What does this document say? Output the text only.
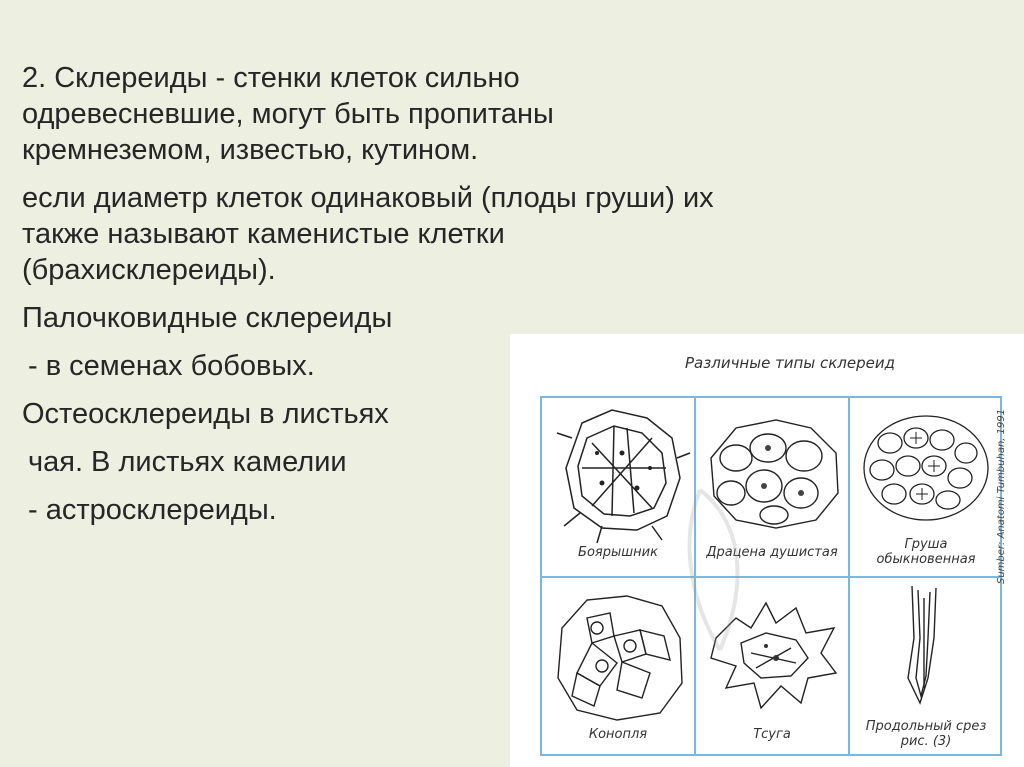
2. Склереиды - стенки клеток сильно одревесневшие, могут быть пропитаны кремнеземом, известью, кутином.

если диаметр клеток одинаковый (плоды груши) их также называют каменистые клетки (брахисклереиды).

Палочковидные склереиды

- в семенах бобовых.

Остеосклереиды в листьях

чая. В листьях камелии

- астросклереиды.

Различные типы склереид
Боярышник	Драцена душистая
Груша
обыкновенная
Конопля	Тсуга
Продольный срез
рис. (3)
Sumber: Anatomi Tumbuhan, 1991
